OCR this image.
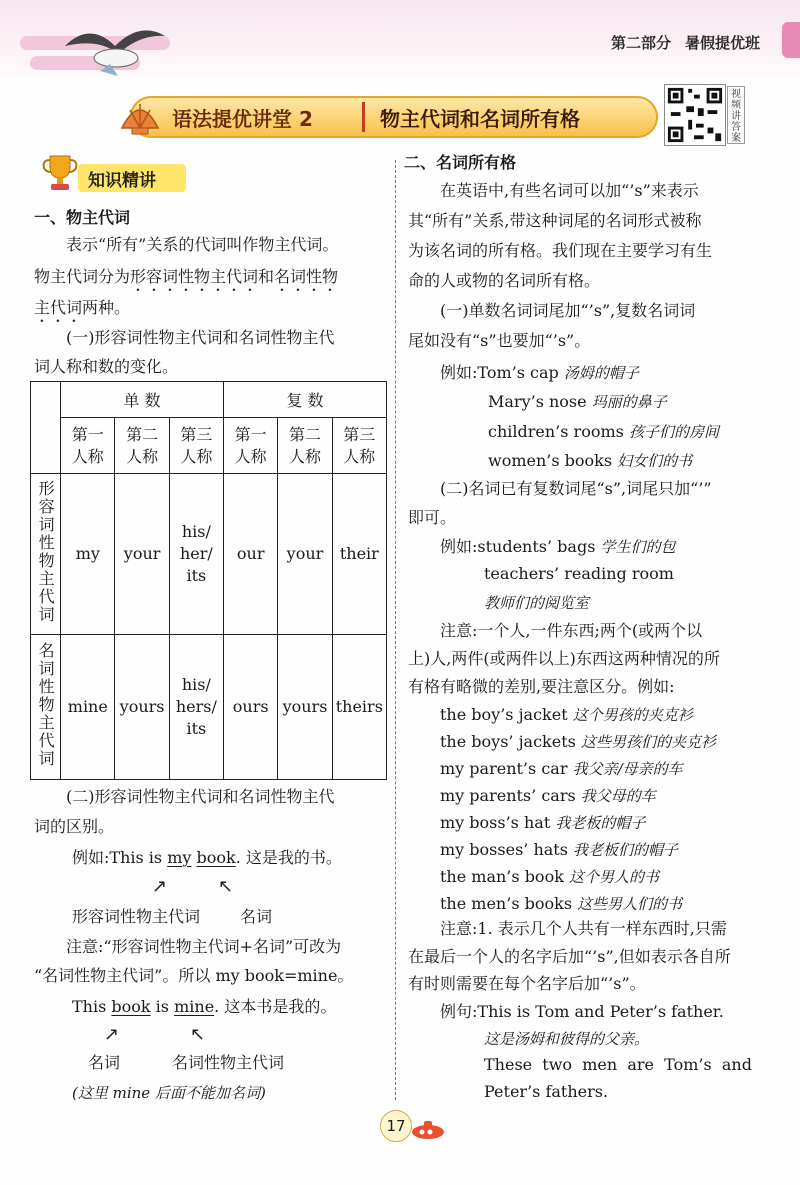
第二部分 暑假提优班
语法提优讲堂 2	物主代词和名词所有格
视频讲答案
知识精讲
一、物主代词
表示“所有”关系的代词叫作物主代词。
物主代词分为形容词性物主代词和名词性物
主代词两种。
(一)形容词性物主代词和名词性物主代
词人称和数的变化。
	单 数			复 数		
	第一人称	第二人称	第三人称	第一人称	第二人称	第三人称
形容词性物主代词	my	your	his/ her/ its	our	your	their
名词性物主代词	mine	yours	his/ hers/ its	ours	yours	theirs
(二)形容词性物主代词和名词性物主代
词的区别。
例如:This is my book. 这是我的书。
↗	↖
形容词性物主代词 名词
注意:“形容词性物主代词+名词”可改为
“名词性物主代词”。所以 my book=mine。
This book is mine. 这本书是我的。
↗	↖
名词	名词性物主代词
(这里 mine 后面不能加名词)
二、名词所有格
在英语中,有些名词可以加“’s”来表示
其“所有”关系,带这种词尾的名词形式被称
为该名词的所有格。我们现在主要学习有生
命的人或物的名词所有格。
(一)单数名词词尾加“’s”,复数名词词
尾如没有“s”也要加“’s”。
例如:Tom’s cap 汤姆的帽子
Mary’s nose 玛丽的鼻子
children’s rooms 孩子们的房间
women’s books 妇女们的书
(二)名词已有复数词尾“s”,词尾只加“’”
即可。
例如:students’ bags 学生们的包
teachers’ reading room
教师们的阅览室
注意:一个人,一件东西;两个(或两个以
上)人,两件(或两件以上)东西这两种情况的所
有格有略微的差别,要注意区分。例如:
the boy’s jacket 这个男孩的夹克衫
the boys’ jackets 这些男孩们的夹克衫
my parent’s car 我父亲/母亲的车
my parents’ cars 我父母的车
my boss’s hat 我老板的帽子
my bosses’ hats 我老板们的帽子
the man’s book 这个男人的书
the men’s books 这些男人们的书
注意:1. 表示几个人共有一样东西时,只需
在最后一个人的名字后加“’s”,但如表示各自所
有时则需要在每个名字后加“’s”。
例句:This is Tom and Peter’s father.
这是汤姆和彼得的父亲。
These  two  men  are  Tom’s  and
Peter’s fathers.
17
